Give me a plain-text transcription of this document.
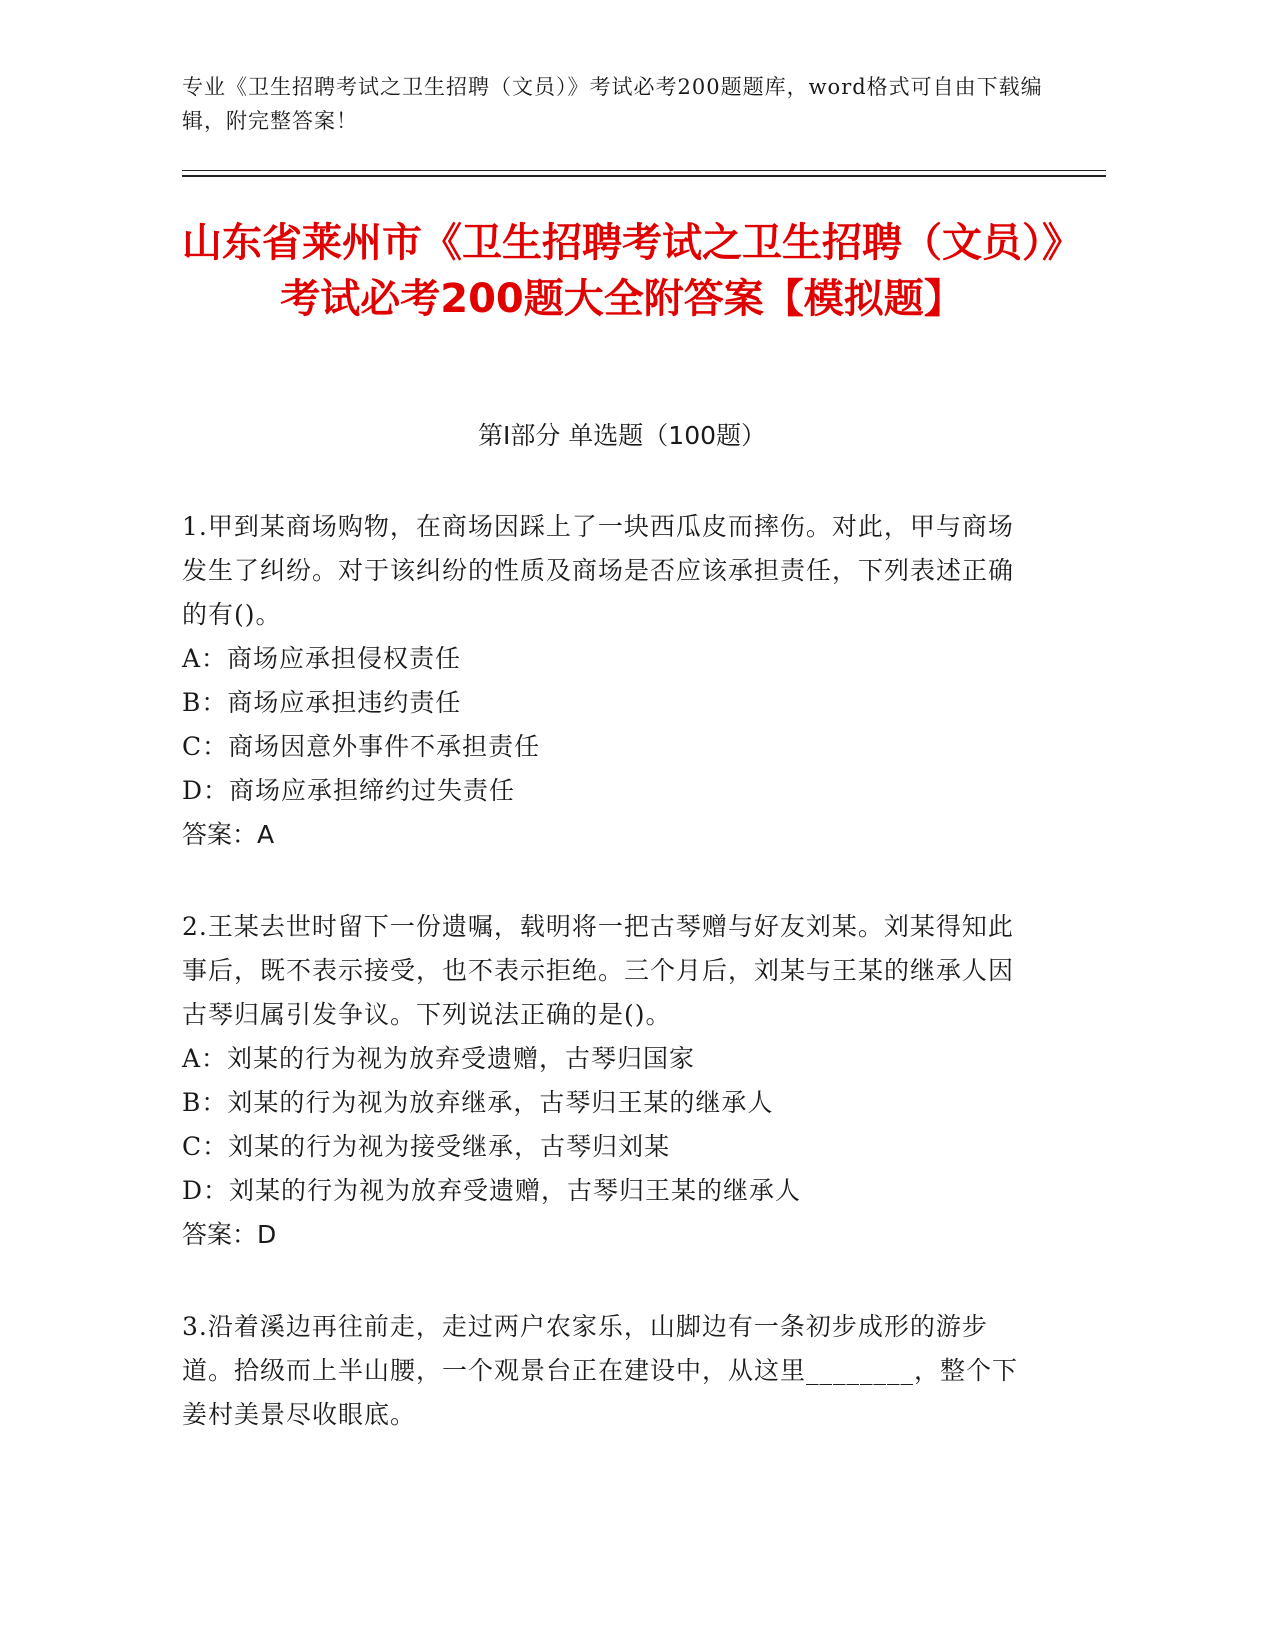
专业《卫生招聘考试之卫生招聘（文员）》考试必考200题题库，word格式可自由下载编辑，附完整答案！

山东省莱州市《卫生招聘考试之卫生招聘（文员）》考试必考200题大全附答案【模拟题】
第I部分 单选题（100题）

1.甲到某商场购物，在商场因踩上了一块西瓜皮而摔伤。对此，甲与商场发生了纠纷。对于该纠纷的性质及商场是否应该承担责任，下列表述正确的有()。

A：商场应承担侵权责任

B：商场应承担违约责任

C：商场因意外事件不承担责任

D：商场应承担缔约过失责任

答案：A

2.王某去世时留下一份遗嘱，载明将一把古琴赠与好友刘某。刘某得知此事后，既不表示接受，也不表示拒绝。三个月后，刘某与王某的继承人因古琴归属引发争议。下列说法正确的是()。

A：刘某的行为视为放弃受遗赠，古琴归国家

B：刘某的行为视为放弃继承，古琴归王某的继承人

C：刘某的行为视为接受继承，古琴归刘某

D：刘某的行为视为放弃受遗赠，古琴归王某的继承人

答案：D

3.沿着溪边再往前走，走过两户农家乐，山脚边有一条初步成形的游步道。拾级而上半山腰，一个观景台正在建设中，从这里________，整个下姜村美景尽收眼底。
